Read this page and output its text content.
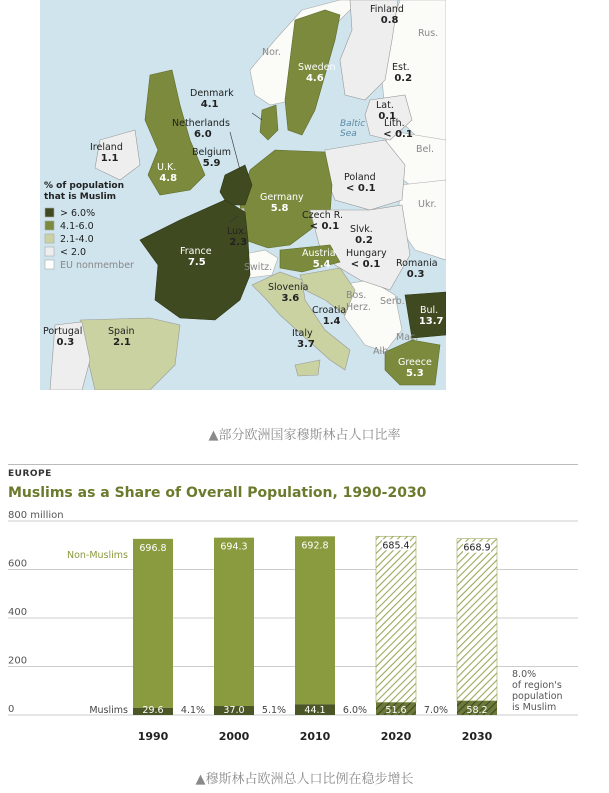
Finland
0.8
Rus.
Nor.
Sweden
4.6
Est.
0.2
Denmark
4.1	Lat.
0.1
Netherlands
6.0
Lith.
< 0.1
Ireland
1.1
Belgium
5.9
Bel.
U.K.
4.8	Poland
< 0.1
Germany
5.8	Ukr.
Czech R.
< 0.1 Slvk.
0.2
Lux.
2.3
France
7.5
Austria
5.4
Hungary
< 0.1 Romania
0.3
Switz.
Slovenia
3.6	Bos.
Herz.
Serb.
Croatia
1.4
Bul.
13.7
Portugal
0.3
Spain
2.1
Italy
3.7
Mac.
Alb.
Greece
5.3
Baltic
Sea
% of population
that is Muslim
> 6.0%
4.1-6.0
2.1-4.0
< 2.0
EU nonmember
▲部分欧洲国家穆斯林占人口比率
EUROPE
Muslims as a Share of Overall Population, 1990-2030
800 million
600
400
200
0
696.8
29.6 4.1%
1990
694.3
37.0 5.1%
2000
692.8
44.1 6.0%
2010
685.4
51.6 7.0%
2020
668.9
58.2
2030
Non-Muslims
Muslims
8.0%
of region's
population
is Muslim
▲穆斯林占欧洲总人口比例在稳步增长
